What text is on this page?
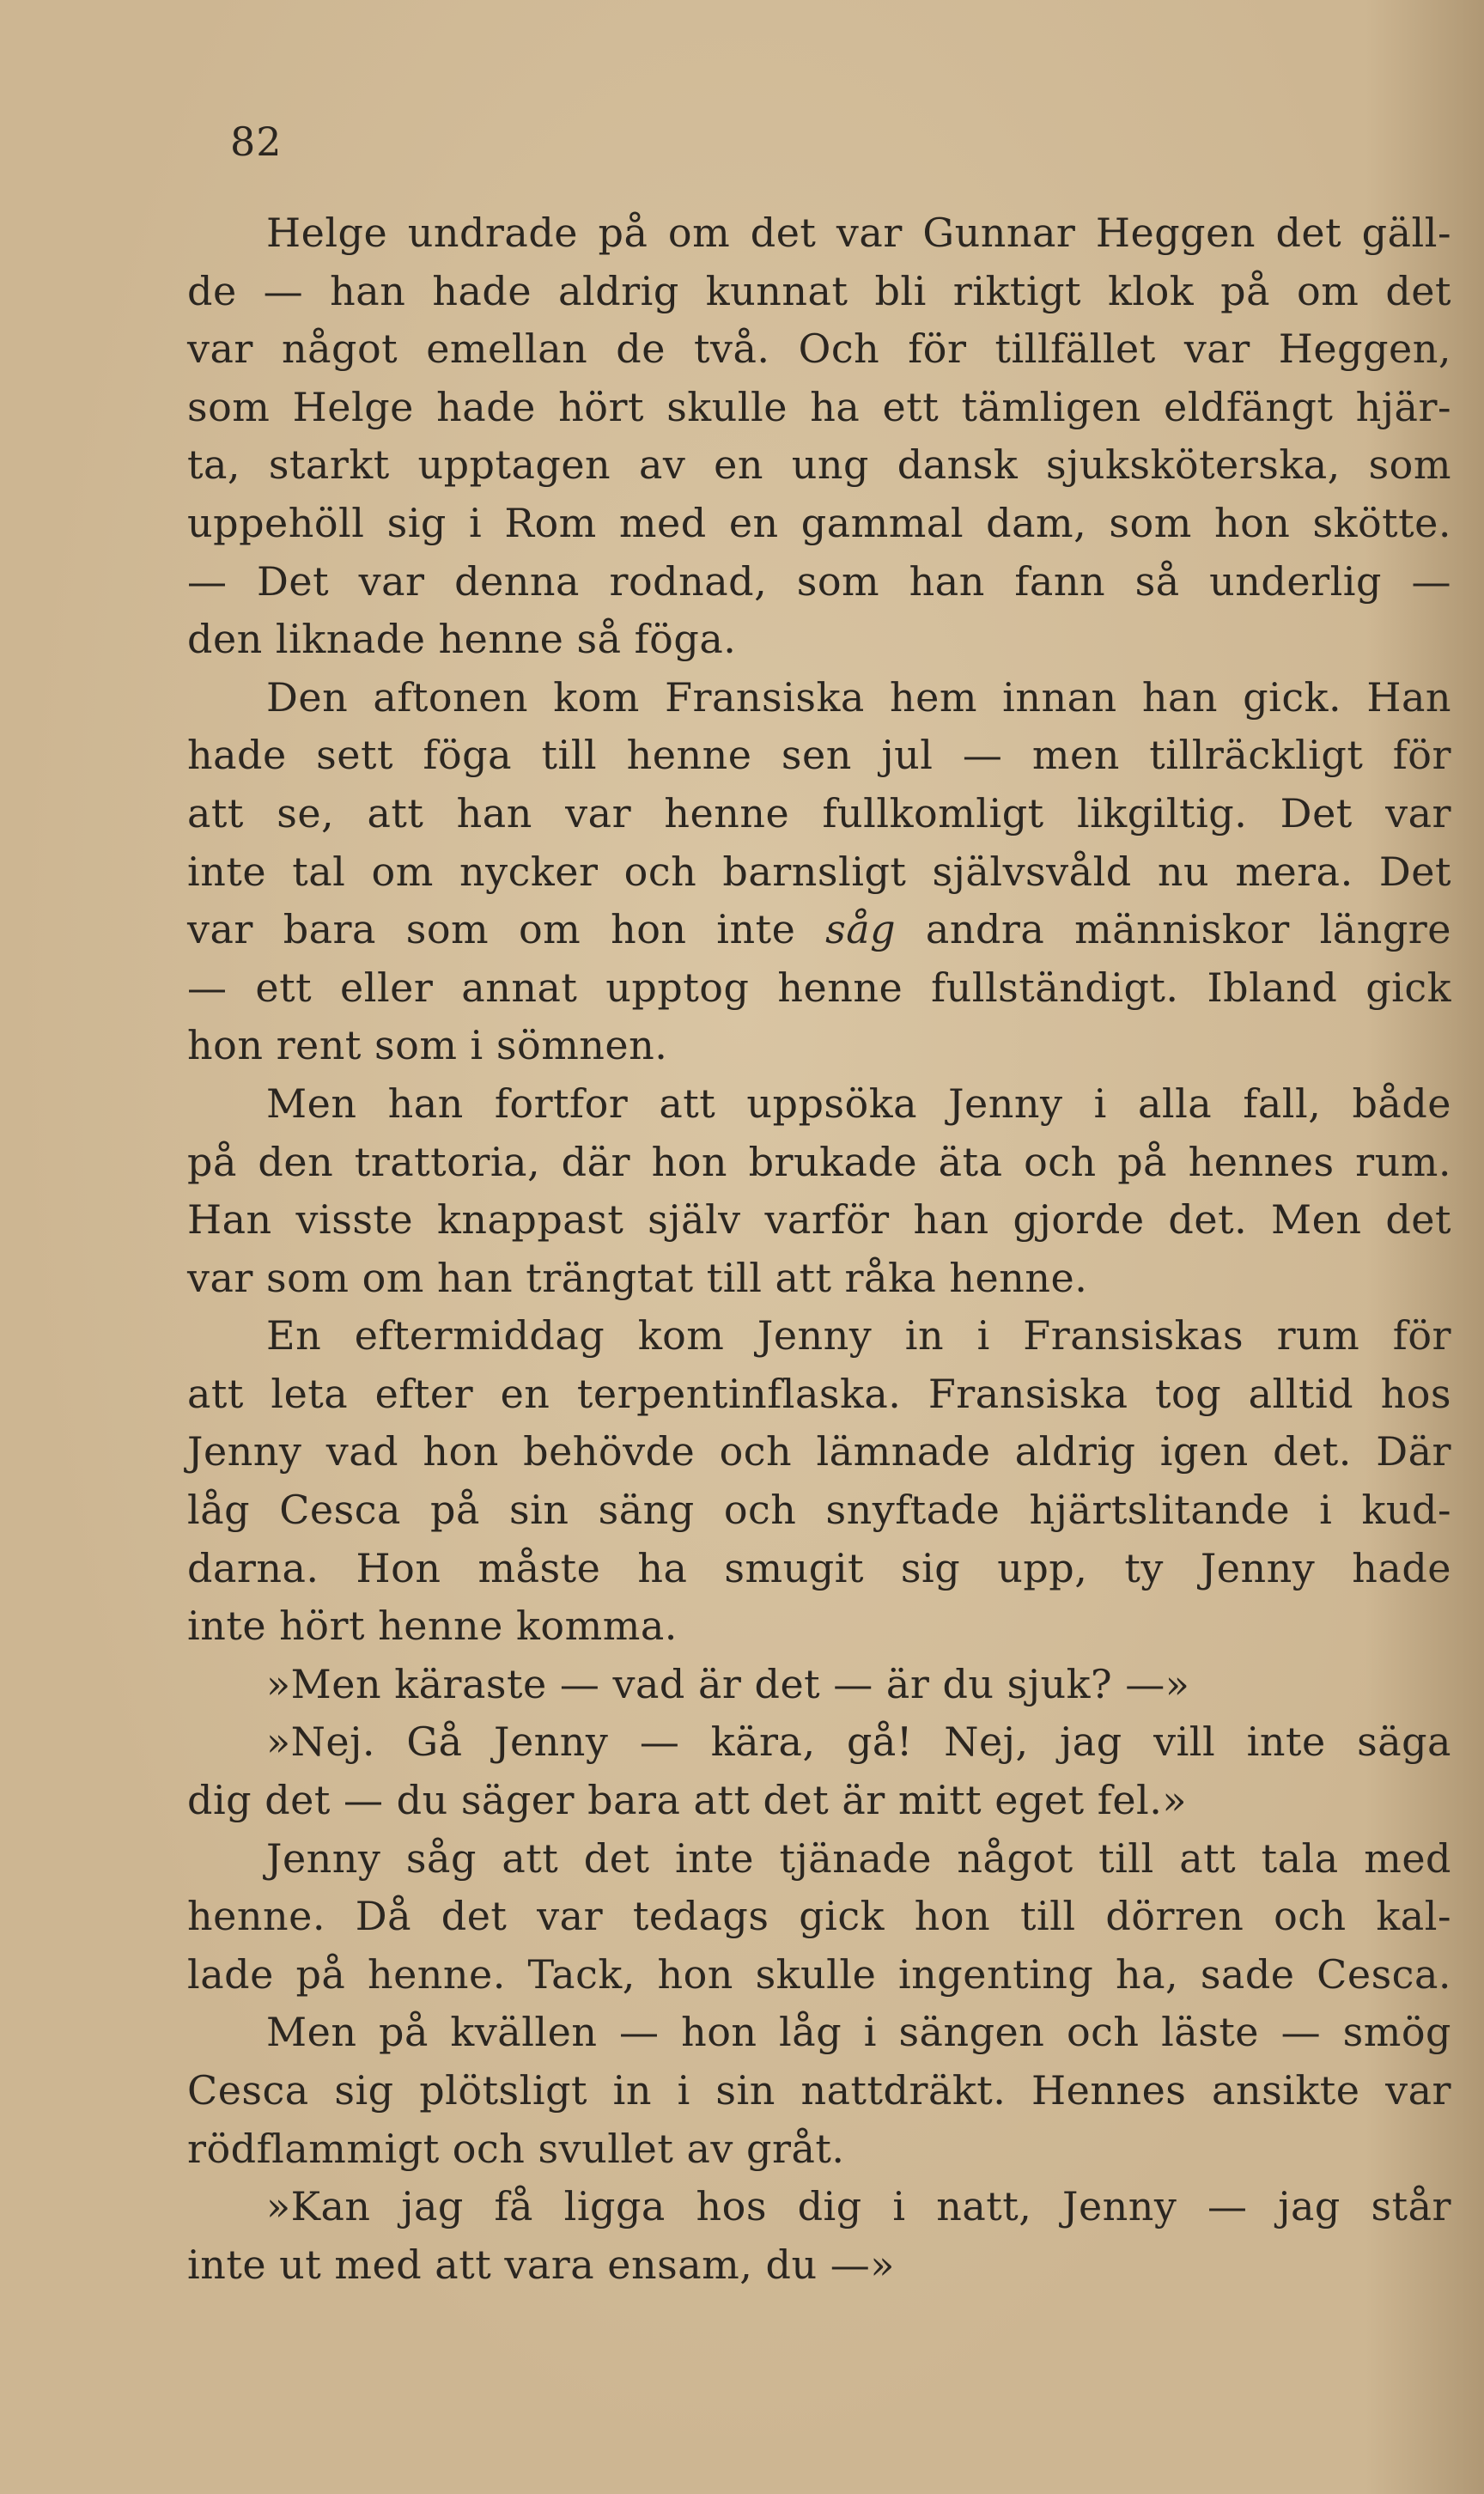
82
Helge undrade på om det var Gunnar Heggen det gäll-
de — han hade aldrig kunnat bli riktigt klok på om det
var något emellan de två. Och för tillfället var Heggen,
som Helge hade hört skulle ha ett tämligen eldfängt hjär-
ta, starkt upptagen av en ung dansk sjuksköterska, som
uppehöll sig i Rom med en gammal dam, som hon skötte.
— Det var denna rodnad, som han fann så underlig —
den liknade henne så föga.
Den aftonen kom Fransiska hem innan han gick. Han
hade sett föga till henne sen jul — men tillräckligt för
att se, att han var henne fullkomligt likgiltig. Det var
inte tal om nycker och barnsligt självsvåld nu mera. Det
var bara som om hon inte såg andra människor längre
— ett eller annat upptog henne fullständigt. Ibland gick
hon rent som i sömnen.
Men han fortfor att uppsöka Jenny i alla fall, både
på den trattoria, där hon brukade äta och på hennes rum.
Han visste knappast själv varför han gjorde det. Men det
var som om han trängtat till att råka henne.
En eftermiddag kom Jenny in i Fransiskas rum för
att leta efter en terpentinflaska. Fransiska tog alltid hos
Jenny vad hon behövde och lämnade aldrig igen det. Där
låg Cesca på sin säng och snyftade hjärtslitande i kud-
darna. Hon måste ha smugit sig upp, ty Jenny hade
inte hört henne komma.
»Men käraste — vad är det — är du sjuk? —»
»Nej. Gå Jenny — kära, gå! Nej, jag vill inte säga
dig det — du säger bara att det är mitt eget fel.»
Jenny såg att det inte tjänade något till att tala med
henne. Då det var tedags gick hon till dörren och kal-
lade på henne. Tack, hon skulle ingenting ha, sade Cesca.
Men på kvällen — hon låg i sängen och läste — smög
Cesca sig plötsligt in i sin nattdräkt. Hennes ansikte var
rödflammigt och svullet av gråt.
»Kan jag få ligga hos dig i natt, Jenny — jag står
inte ut med att vara ensam, du —»
